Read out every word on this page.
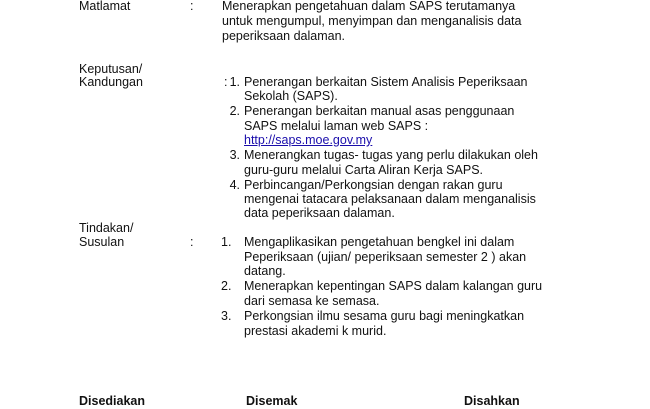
Matlamat	: Menerapkan pengetahuan dalam SAPS terutamanya
untuk mengumpul, menyimpan dan menganalisis data
peperiksaan dalaman.
Keputusan/
Kandungan	: 1. Penerangan berkaitan Sistem Analisis Peperiksaan
Sekolah (SAPS).
2. Penerangan berkaitan manual asas penggunaan
SAPS melalui laman web SAPS :
http://saps.moe.gov.my
3. Menerangkan tugas- tugas yang perlu dilakukan oleh
guru-guru melalui Carta Aliran Kerja SAPS.
4. Perbincangan/Perkongsian dengan rakan guru
mengenai tatacara pelaksanaan dalam menganalisis
data peperiksaan dalaman.
Tindakan/
Susulan	: 1. Mengaplikasikan pengetahuan bengkel ini dalam
Peperiksaan (ujian/ peperiksaan semester 2 ) akan
datang.
2. Menerapkan kepentingan SAPS dalam kalangan guru
dari semasa ke semasa.
3. Perkongsian ilmu sesama guru bagi meningkatkan
prestasi akademi k murid.
Disediakan	Disemak	Disahkan
